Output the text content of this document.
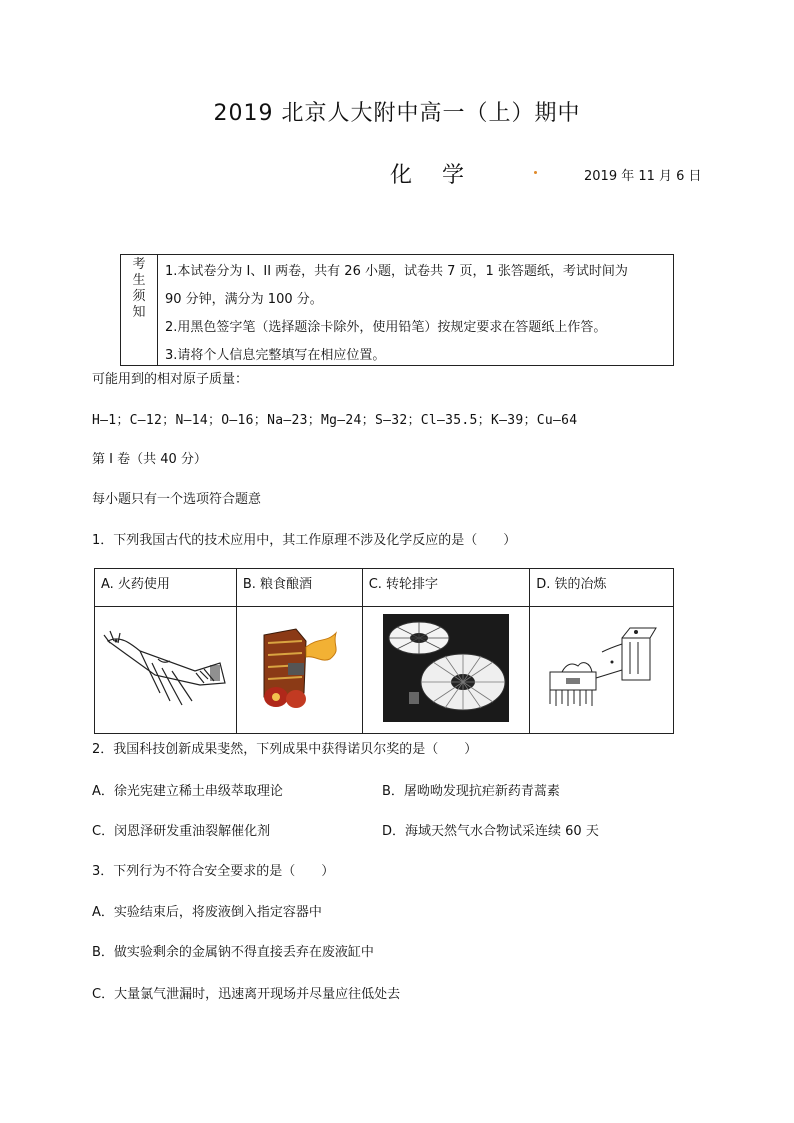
2019 北京人大附中高一（上）期中
化学	2019 年 11 月 6 日
考
生
须
知
1.本试卷分为 I、II 两卷，共有 26 小题，试卷共 7 页，1 张答题纸，考试时间为
90 分钟，满分为 100 分。
2.用黑色签字笔（选择题涂卡除外，使用铅笔）按规定要求在答题纸上作答。
3.请将个人信息完整填写在相应位置。
可能用到的相对原子质量：
H—1；C—12；N—14；O—16；Na—23；Mg—24；S—32；Cl—35.5；K—39；Cu—64
第 I 卷（共 40 分）
每小题只有一个选项符合题意
1．下列我国古代的技术应用中，其工作原理不涉及化学反应的是（　　）
A. 火药使用	B. 粮食酿酒	C. 转轮排字	D. 铁的冶炼

2．我国科技创新成果斐然，下列成果中获得诺贝尔奖的是（　　）
A．徐光宪建立稀土串级萃取理论	B．屠呦呦发现抗疟新药青蒿素
C．闵恩泽研发重油裂解催化剂	D．海域天然气水合物试采连续 60 天
3．下列行为不符合安全要求的是（　　）
A．实验结束后，将废液倒入指定容器中
B．做实验剩余的金属钠不得直接丢弃在废液缸中
C．大量氯气泄漏时，迅速离开现场并尽量应往低处去
